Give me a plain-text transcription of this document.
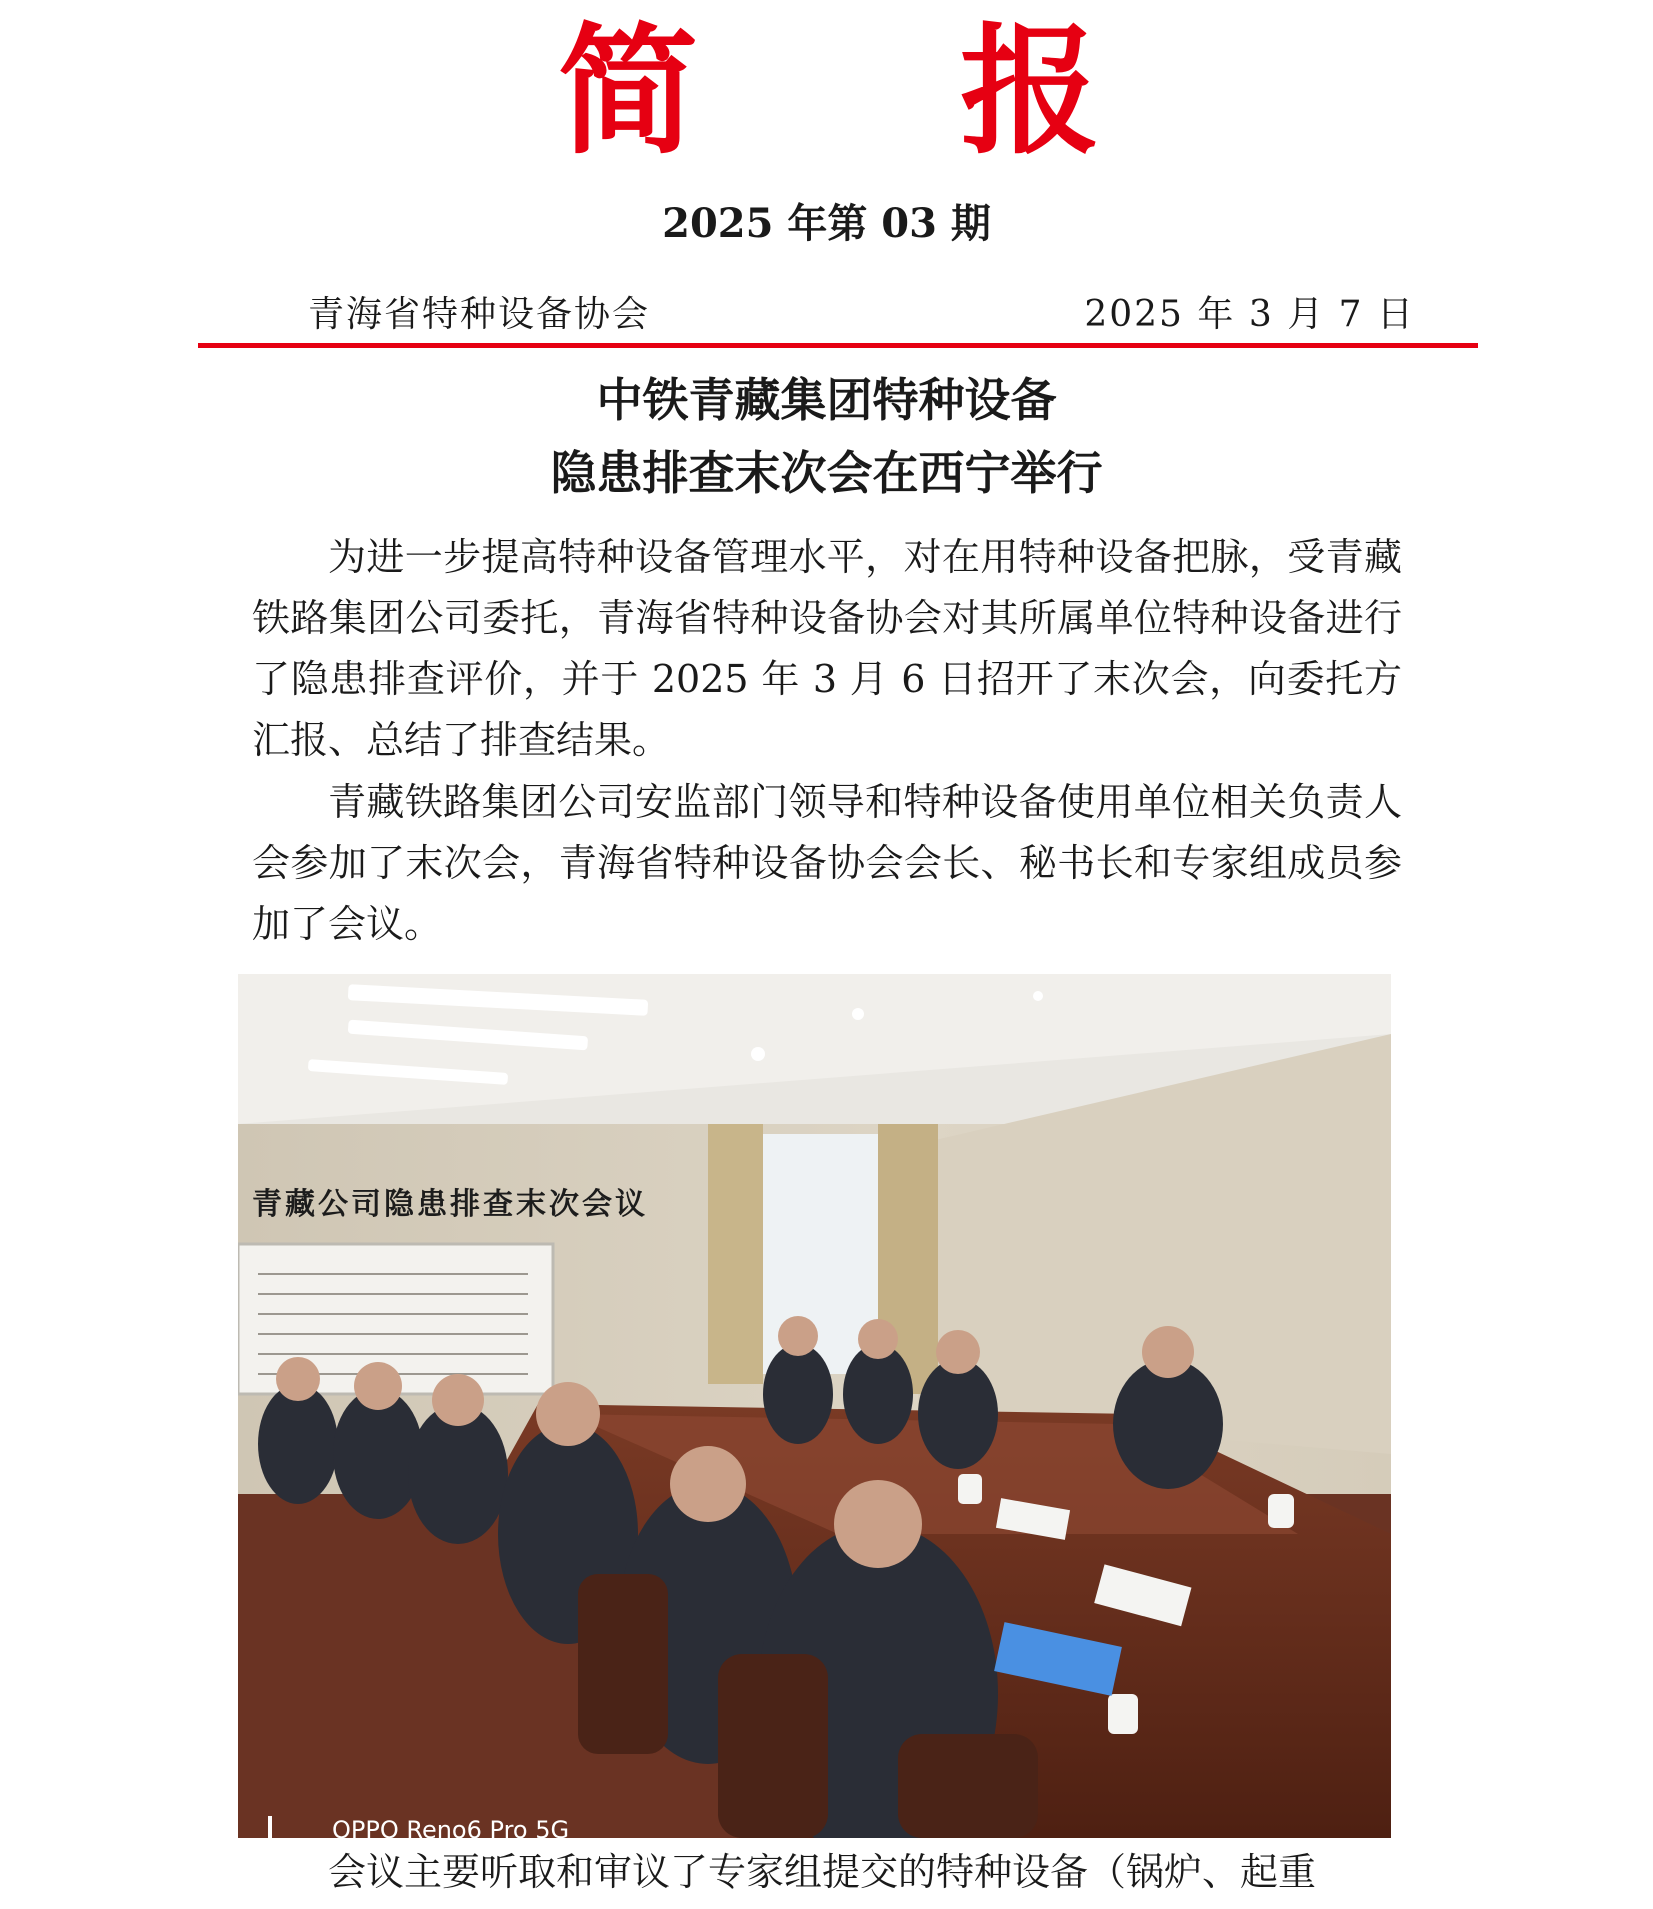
简 报
2025 年第 03 期
青海省特种设备协会	2025 年 3 月 7 日
中铁青藏集团特种设备
隐患排查末次会在西宁举行

为进一步提高特种设备管理水平，对在用特种设备把脉，受青藏铁路集团公司委托，青海省特种设备协会对其所属单位特种设备进行了隐患排查评价，并于 2025 年 3 月 6 日招开了末次会，向委托方汇报、总结了排查结果。

青藏铁路集团公司安监部门领导和特种设备使用单位相关负责人会参加了末次会，青海省特种设备协会会长、秘书长和专家组成员参加了会议。

青藏公司隐患排查末次会议
OPPO Reno6 Pro 5G

会议主要听取和审议了专家组提交的特种设备（锅炉、起重
